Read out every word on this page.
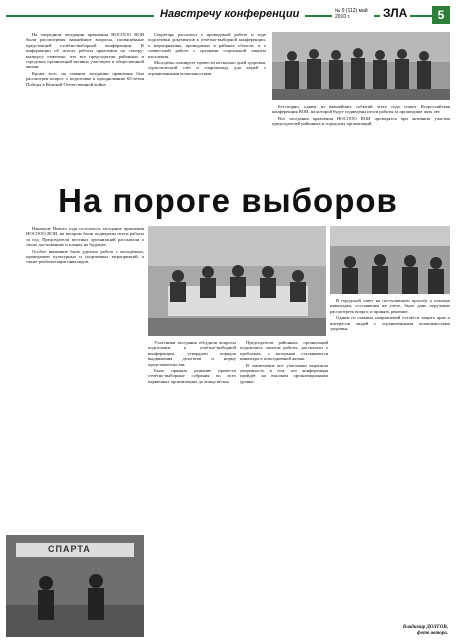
Навстречу конференции	№ 9 (112) май 2010 г.	ЗЛА	5

На очередном заседании правления НОСООО ВОИ были рассмотрены важнейшие вопросы, посвящённые предстоящей отчётно-выборной конференции. В информации об итогах работы правления по смотру-конкурсу отмечено, что все председатели районных и городских организаций активно участвуют в общественной жизни.

Кроме того, на главном заседании правления был рассмотрен вопрос о подготовке к празднованию 65-летия Победы в Великой Отечественной войне.

Секретарь рассказал о проводимой работе и ходе подготовки документов к отчётно-выборной конференции, о мероприятиях, проводимых в районах области, и о совместной работе с органами социальной защиты населения.

Молодёжь планирует провести несколько дней здоровья, туристический слёт и спартакиаду для людей с ограниченными возможностями.

Бесспорно, одним из важнейших событий этого года станет Всероссийская конференция ВОИ, на которой будут подведены итоги работы за прошедшие пять лет.

Все заседания правления НОСООО ВОИ проводятся при активном участии председателей районных и городских организаций.

На пороге выборов

Накануне Нового года состоялось заседание правления НОСООО ВОИ, на котором были подведены итоги работы за год. Председатели местных организаций рассказали о своих достижениях и планах на будущее.

Особое внимание было уделено работе с молодёжью, проведению культурных и спортивных мероприятий, а также реабилитации инвалидов.

Участники заседания обсудили вопросы подготовки к отчётно-выборной конференции, утвердили порядок выдвижения делегатов и норму представительства.

Было принято решение провести отчётно-выборные собрания во всех первичных организациях до конца весны.

Председатели районных организаций поделились опытом работы, рассказали о проблемах, с которыми сталкиваются инвалиды в повседневной жизни.

В заключение все участники выразили уверенность в том, что конференция пройдёт на высоком организационном уровне.

В городской совет на поступившую просьбу о помощи инвалидам, состоявшим на учёте, было дано поручение рассмотреть вопрос и принять решение.

Одним из главных направлений остаётся защита прав и интересов людей с ограниченными возможностями здоровья.

СПАРТА
Владимир ДОЛГОВ,
фото автора.
